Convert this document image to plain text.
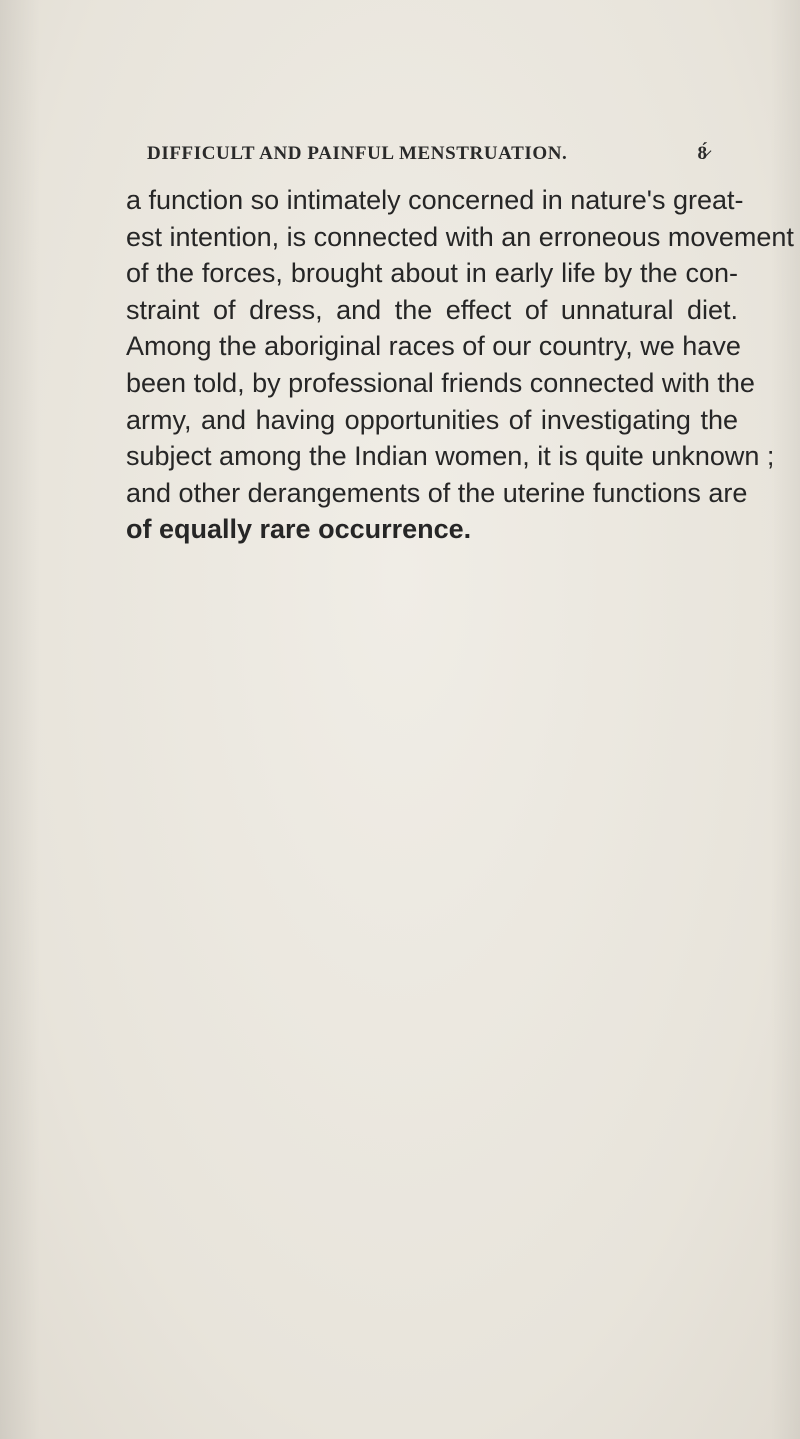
DIFFICULT AND PAINFUL MENSTRUATION.	8̷́
a function so intimately concerned in nature's great-
est intention, is connected with an erroneous movement
of the forces, brought about in early life by the con-
straint of dress, and the effect of unnatural diet.
Among the aboriginal races of our country, we have
been told, by professional friends connected with the
army, and having opportunities of investigating the
subject among the Indian women, it is quite unknown ;
and other derangements of the uterine functions are
of equally rare occurrence.
